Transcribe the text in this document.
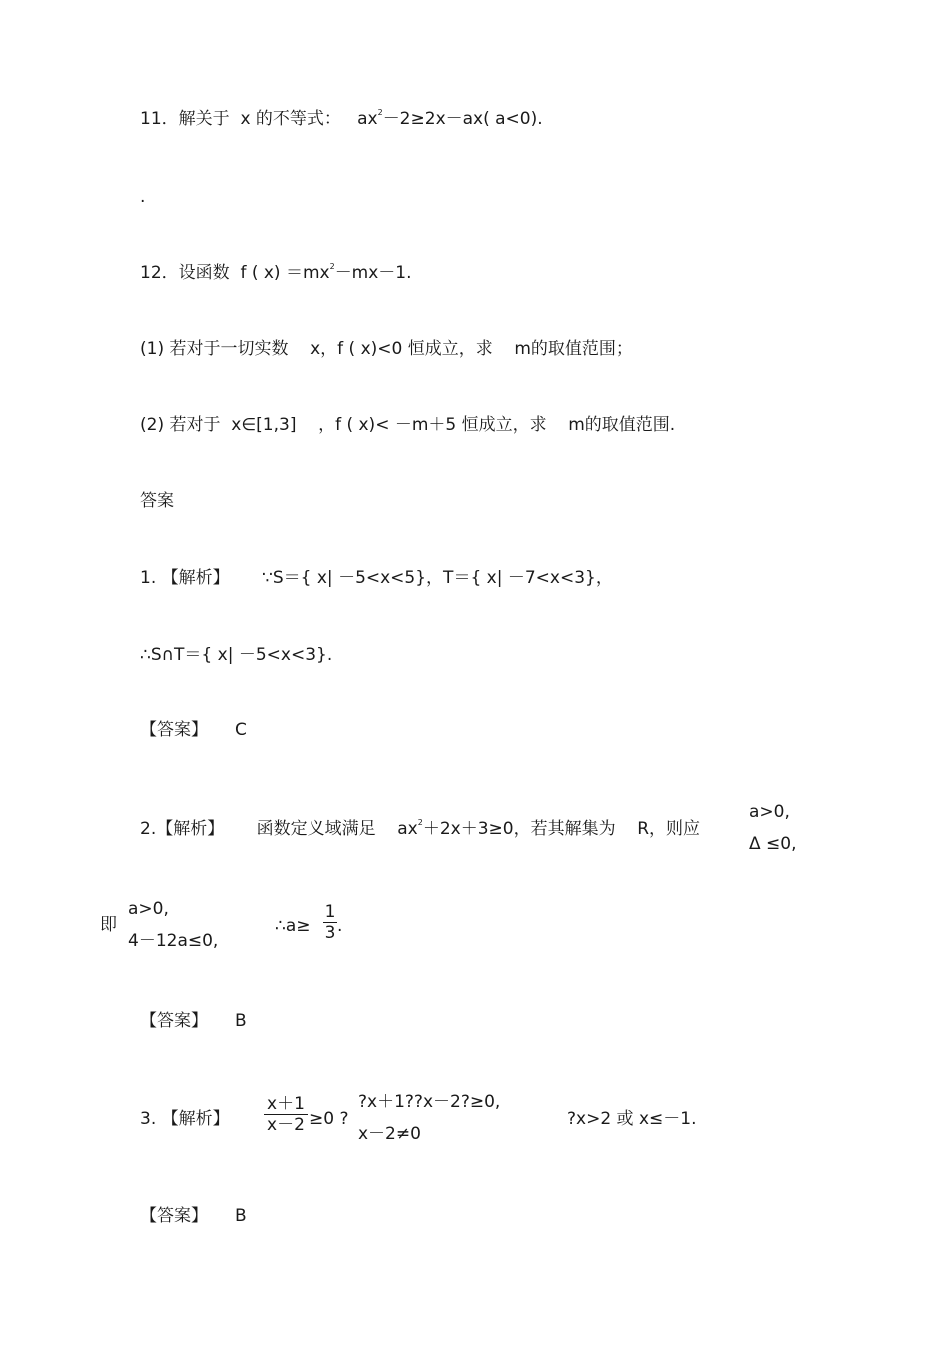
11．解关于  x 的不等式：   $ax^2-2\ge 2x-ax$( a<0).
.
12．设函数  f ( $x) =mx^2-mx-1$.
(1) 若对于一切实数    x，f ( x)<0 恒成立，求    m的取值范围；
(2) 若对于  x∈[1,3]    ，f ( x)< －m＋5 恒成立，求    m的取值范围.
答案
1. 【解析】      ∵S＝{ x| －5<x<5}，T＝{ x| －7<x<3}，
∴S∩T＝{ x| －5<x<3}.
【答案】     C
2.【解析】      函数定义域满足    $ax^2+2x+3\ge 0$，若其解集为    R，则应
a>0,
Δ ≤0,
即
a>0,
4－12a≤0,
∴a≥ $\frac{1}{3}$ .
【答案】     B
3. 【解析】 $\frac{x+1}{x-2} \ge 0$ ?
?x＋1??x－2?≥0,
x－2≠0
?x>2 或 x≤－1.
【答案】     B
